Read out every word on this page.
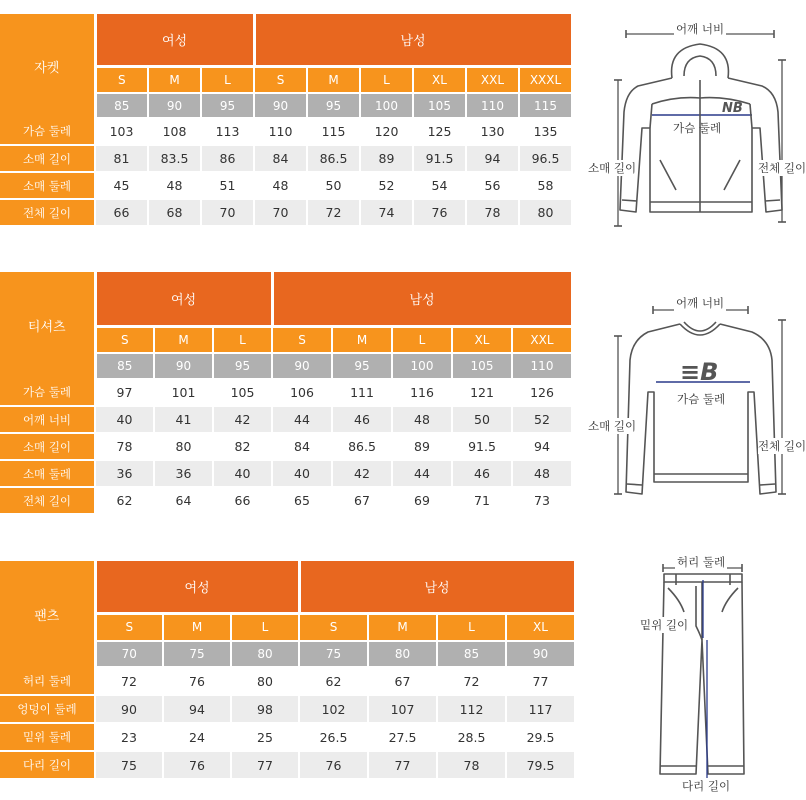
자켓	여성			남성					
	S	M	L	S	M	L	XL	XXL	XXXL
	85	90	95	90	95	100	105	110	115
가슴 둘레	103	108	113	110	115	120	125	130	135
소매 길이	81	83.5	86	84	86.5	89	91.5	94	96.5
소매 둘레	45	48	51	48	50	52	54	56	58
전체 길이	66	68	70	70	72	74	76	78	80
티셔츠	여성			남성				
	S	M	L	S	M	L	XL	XXL
	85	90	95	90	95	100	105	110
가슴 둘레	97	101	105	106	111	116	121	126
어깨 너비	40	41	42	44	46	48	50	52
소매 길이	78	80	82	84	86.5	89	91.5	94
소매 둘레	36	36	40	40	42	44	46	48
전체 길이	62	64	66	65	67	69	71	73
팬츠	여성			남성			
	S	M	L	S	M	L	XL
	70	75	80	75	80	85	90
허리 둘레	72	76	80	62	67	72	77
엉덩이 둘레	90	94	98	102	107	112	117
밑위 둘레	23	24	25	26.5	27.5	28.5	29.5
다리 길이	75	76	77	76	77	78	79.5
NB
어깨 너비
가슴 둘레
소매 길이	전체 길이
≡B
어깨 너비
가슴 둘레
소매 길이
전체 길이
허리 둘레
밑위 길이
다리 길이
